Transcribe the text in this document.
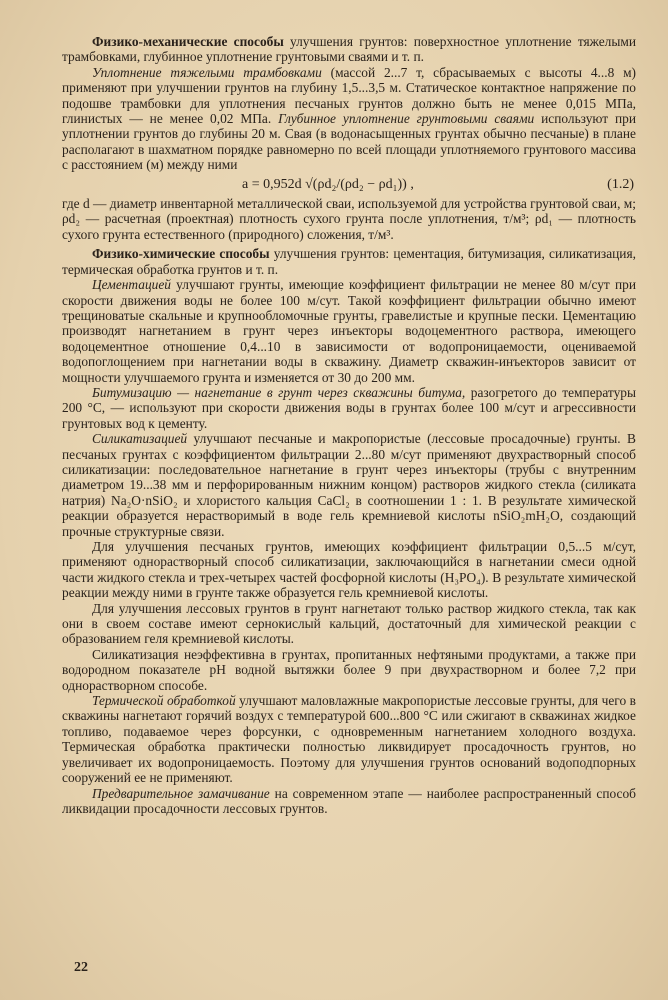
Физико-механические способы улучшения грунтов: поверхностное уплотнение тяжелыми трамбовками, глубинное уплотнение грунтовыми сваями и т. п.

Уплотнение тяжелыми трамбовками (массой 2...7 т, сбрасываемых с высоты 4...8 м) применяют при улучшении грунтов на глубину 1,5...3,5 м. Статическое контактное напряжение по подошве трамбовки для уплотнения песчаных грунтов должно быть не менее 0,015 МПа, глинистых — не менее 0,02 МПа. Глубинное уплотнение грунтовыми сваями используют при уплотнении грунтов до глубины 20 м. Свая (в водонасыщенных грунтах обычно песчаные) в плане располагают в шахматном порядке равномерно по всей площади уплотняемого грунтового массива с расстоянием (м) между ними

a = 0,952d √(ρd₂/(ρd₂ − ρd₁)) ,	(1.2)

где d — диаметр инвентарной металлической сваи, используемой для устройства грунтовой сваи, м; ρd₂ — расчетная (проектная) плотность сухого грунта после уплотнения, т/м³; ρd₁ — плотность сухого грунта естественного (природного) сложения, т/м³.

Физико-химические способы улучшения грунтов: цементация, битумизация, силикатизация, термическая обработка грунтов и т. п.

Цементацией улучшают грунты, имеющие коэффициент фильтрации не менее 80 м/сут при скорости движения воды не более 100 м/сут. Такой коэффициент фильтрации обычно имеют трещиноватые скальные и крупнообломочные грунты, гравелистые и крупные пески. Цементацию производят нагнетанием в грунт через инъекторы водоцементного раствора, имеющего водоцементное отношение 0,4...10 в зависимости от водопроницаемости, оцениваемой водопоглощением при нагнетании воды в скважину. Диаметр скважин-инъекторов зависит от мощности улучшаемого грунта и изменяется от 30 до 200 мм.

Битумизацию — нагнетание в грунт через скважины битума, разогретого до температуры 200 °С, — используют при скорости движения воды в грунтах более 100 м/сут и агрессивности грунтовых вод к цементу.

Силикатизацией улучшают песчаные и макропористые (лессовые просадочные) грунты. В песчаных грунтах с коэффициентом фильтрации 2...80 м/сут применяют двухрастворный способ силикатизации: последовательное нагнетание в грунт через инъекторы (трубы с внутренним диаметром 19...38 мм и перфорированным нижним концом) растворов жидкого стекла (силиката натрия) Na₂O·nSiO₂ и хлористого кальция CaCl₂ в соотношении 1 : 1. В результате химической реакции образуется нерастворимый в воде гель кремниевой кислоты nSiO₂mH₂O, создающий прочные структурные связи.

Для улучшения песчаных грунтов, имеющих коэффициент фильтрации 0,5...5 м/сут, применяют однорастворный способ силикатизации, заключающийся в нагнетании смеси одной части жидкого стекла и трех-четырех частей фосфорной кислоты (H₃PO₄). В результате химической реакции между ними в грунте также образуется гель кремниевой кислоты.

Для улучшения лессовых грунтов в грунт нагнетают только раствор жидкого стекла, так как они в своем составе имеют сернокислый кальций, достаточный для химической реакции с образованием геля кремниевой кислоты.

Силикатизация неэффективна в грунтах, пропитанных нефтяными продуктами, а также при водородном показателе pH водной вытяжки более 9 при двухрастворном и более 7,2 при однорастворном способе.

Термической обработкой улучшают маловлажные макропористые лессовые грунты, для чего в скважины нагнетают горячий воздух с температурой 600...800 °С или сжигают в скважинах жидкое топливо, подаваемое через форсунки, с одновременным нагнетанием холодного воздуха. Термическая обработка практически полностью ликвидирует просадочность грунтов, но увеличивает их водопроницаемость. Поэтому для улучшения грунтов оснований водоподпорных сооружений ее не применяют.

Предварительное замачивание на современном этапе — наиболее распространенный способ ликвидации просадочности лессовых грунтов.

22
